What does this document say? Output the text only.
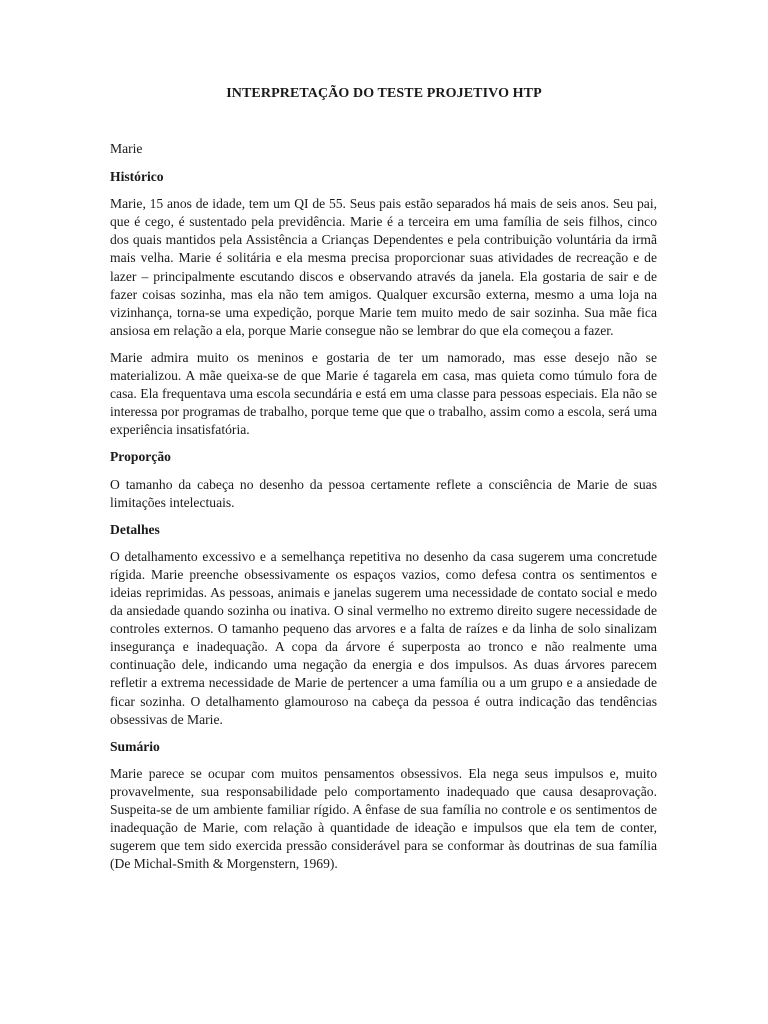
INTERPRETAÇÃO DO TESTE PROJETIVO HTP
Marie
Histórico

Marie, 15 anos de idade, tem um QI de 55. Seus pais estão separados há mais de seis anos. Seu pai, que é cego, é sustentado pela previdência. Marie é a terceira em uma família de seis filhos, cinco dos quais mantidos pela Assistência a Crianças Dependentes e pela contribuição voluntária da irmã mais velha. Marie é solitária e ela mesma precisa proporcionar suas atividades de recreação e de lazer – principalmente escutando discos e observando através da janela. Ela gostaria de sair e de fazer coisas sozinha, mas ela não tem amigos. Qualquer excursão externa, mesmo a uma loja na vizinhança, torna-se uma expedição, porque Marie tem muito medo de sair sozinha. Sua mãe fica ansiosa em relação a ela, porque Marie consegue não se lembrar do que ela começou a fazer.

Marie admira muito os meninos e gostaria de ter um namorado, mas esse desejo não se materializou. A mãe queixa-se de que Marie é tagarela em casa, mas quieta como túmulo fora de casa. Ela frequentava uma escola secundária e está em uma classe para pessoas especiais. Ela não se interessa por programas de trabalho, porque teme que que o trabalho, assim como a escola, será uma experiência insatisfatória.

Proporção

O tamanho da cabeça no desenho da pessoa certamente reflete a consciência de Marie de suas limitações intelectuais.

Detalhes

O detalhamento excessivo e a semelhança repetitiva no desenho da casa sugerem uma concretude rígida. Marie preenche obsessivamente os espaços vazios, como defesa contra os sentimentos e ideias reprimidas. As pessoas, animais e janelas sugerem uma necessidade de contato social e medo da ansiedade quando sozinha ou inativa. O sinal vermelho no extremo direito sugere necessidade de controles externos. O tamanho pequeno das arvores e a falta de raízes e da linha de solo sinalizam insegurança e inadequação. A copa da árvore é superposta ao tronco e não realmente uma continuação dele, indicando uma negação da energia e dos impulsos. As duas árvores parecem refletir a extrema necessidade de Marie de pertencer a uma família ou a um grupo e a ansiedade de ficar sozinha. O detalhamento glamouroso na cabeça da pessoa é outra indicação das tendências obsessivas de Marie.

Sumário

Marie parece se ocupar com muitos pensamentos obsessivos. Ela nega seus impulsos e, muito provavelmente, sua responsabilidade pelo comportamento inadequado que causa desaprovação. Suspeita-se de um ambiente familiar rígido. A ênfase de sua família no controle e os sentimentos de inadequação de Marie, com relação à quantidade de ideação e impulsos que ela tem de conter, sugerem que tem sido exercida pressão considerável para se conformar às doutrinas de sua família (De Michal-Smith & Morgenstern, 1969).
